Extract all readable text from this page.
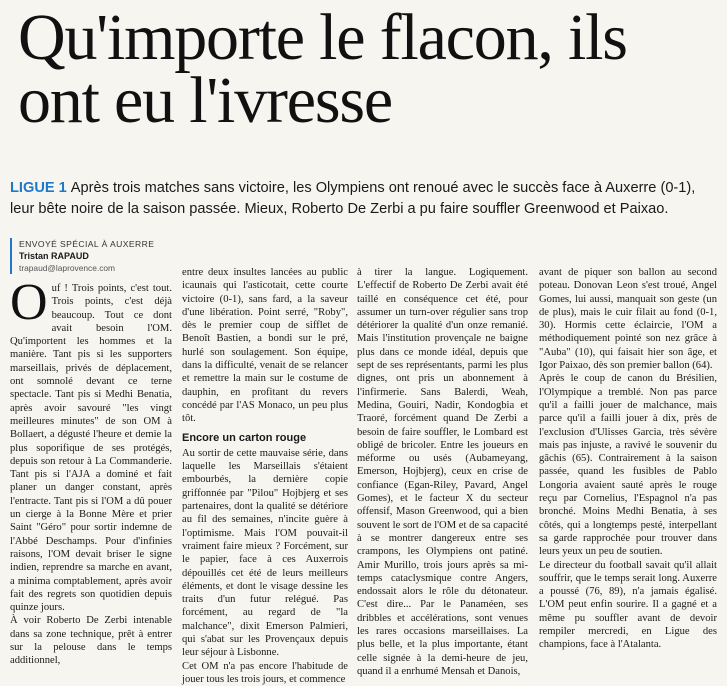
Qu'importe le flacon, ils ont eu l'ivresse

LIGUE 1 Après trois matches sans victoire, les Olympiens ont renoué avec le succès face à Auxerre (0-1), leur bête noire de la saison passée. Mieux, Roberto De Zerbi a pu faire souffler Greenwood et Paixao.

ENVOYÉ SPÉCIAL À AUXERRE
Tristan RAPAUD
trapaud@laprovence.com

Ouf ! Trois points, c'est tout. Trois points, c'est déjà beaucoup. Tout ce dont avait besoin l'OM. Qu'importent les hommes et la manière. Tant pis si les supporters marseillais, privés de déplacement, ont somnolé devant ce terne spectacle. Tant pis si Medhi Benatia, après avoir savouré "les vingt meilleures minutes" de son OM à Bollaert, a dégusté l'heure et demie la plus soporifique de ses protégés, depuis son retour à La Commanderie. Tant pis si l'AJA a dominé et fait planer un danger constant, après l'entracte. Tant pis si l'OM a dû pouer un cierge à la Bonne Mère et prier Saint "Géro" pour sortir indemne de l'Abbé Deschamps. Pour d'infinies raisons, l'OM devait briser le signe indien, reprendre sa marche en avant, a minima comptablement, après avoir fait des regrets son quotidien depuis quinze jours.

À voir Roberto De Zerbi intenable dans sa zone technique, prêt à entrer sur la pelouse dans le temps additionnel,

entre deux insultes lancées au public icaunais qui l'asticotait, cette courte victoire (0-1), sans fard, a la saveur d'une libération. Point serré, "Roby", dès le premier coup de sifflet de Benoît Bastien, a bondi sur le pré, hurlé son soulagement. Son équipe, dans la difficulté, venait de se relancer et remettre la main sur le costume de dauphin, en profitant du revers concédé par l'AS Monaco, un peu plus tôt.

Encore un carton rouge

Au sortir de cette mauvaise série, dans laquelle les Marseillais s'étaient embourbés, la dernière copie griffonnée par "Pilou" Hojbjerg et ses partenaires, dont la qualité se détériore au fil des semaines, n'incite guère à l'optimisme. Mais l'OM pouvait-il vraiment faire mieux ? Forcément, sur le papier, face à ces Auxerrois dépouillés cet été de leurs meilleurs éléments, et dont le visage dessine les traits d'un futur relégué. Pas forcément, au regard de "la malchance", dixit Emerson Palmieri, qui s'abat sur les Provençaux depuis leur séjour à Lisbonne.

Cet OM n'a pas encore l'habitude de jouer tous les trois jours, et commence

à tirer la langue. Logiquement. L'effectif de Roberto De Zerbi avait été taillé en conséquence cet été, pour assumer un turn-over régulier sans trop détériorer la qualité d'un onze remanié. Mais l'institution provençale ne baigne plus dans ce monde idéal, depuis que sept de ses représentants, parmi les plus dignes, ont pris un abonnement à l'infirmerie. Sans Balerdi, Weah, Medina, Gouiri, Nadir, Kondogbia et Traoré, forcément quand De Zerbi a besoin de faire souffler, le Lombard est obligé de bricoler. Entre les joueurs en méforme ou usés (Aubameyang, Emerson, Hojbjerg), ceux en crise de confiance (Egan-Riley, Pavard, Angel Gomes), et le facteur X du secteur offensif, Mason Greenwood, qui a bien souvent le sort de l'OM et de sa capacité à se montrer dangereux entre ses crampons, les Olympiens ont patiné. Amir Murillo, trois jours après sa mi-temps cataclysmique contre Angers, endossait alors le rôle du détonateur. C'est dire... Par le Panaméen, ses dribbles et accélérations, sont venues les rares occasions marseillaises. La plus belle, et la plus importante, étant celle signée à la demi-heure de jeu, quand il a enrhumé Mensah et Danois,

avant de piquer son ballon au second poteau. Donovan Leon s'est troué, Angel Gomes, lui aussi, manquait son geste (un de plus), mais le cuir filait au fond (0-1, 30). Hormis cette éclaircie, l'OM a méthodiquement pointé son nez grâce à "Auba" (10), qui faisait hier son âge, et Igor Paixao, dès son premier ballon (64).

Après le coup de canon du Brésilien, l'Olympique a tremblé. Non pas parce qu'il a failli jouer de malchance, mais parce qu'il a failli jouer à dix, près de l'exclusion d'Ulisses Garcia, très sévère mais pas injuste, a ravivé le souvenir du gâchis (65). Contrairement à la saison passée, quand les fusibles de Pablo Longoria avaient sauté après le rouge reçu par Cornelius, l'Espagnol n'a pas bronché. Moins Medhi Benatia, à ses côtés, qui a longtemps pesté, interpellant sa garde rapprochée pour trouver dans leurs yeux un peu de soutien.

Le directeur du football savait qu'il allait souffrir, que le temps serait long. Auxerre a poussé (76, 89), n'a jamais égalisé. L'OM peut enfin sourire. Il a gagné et a même pu souffler avant de devoir rempiler mercredi, en Ligue des champions, face à l'Atalanta.
